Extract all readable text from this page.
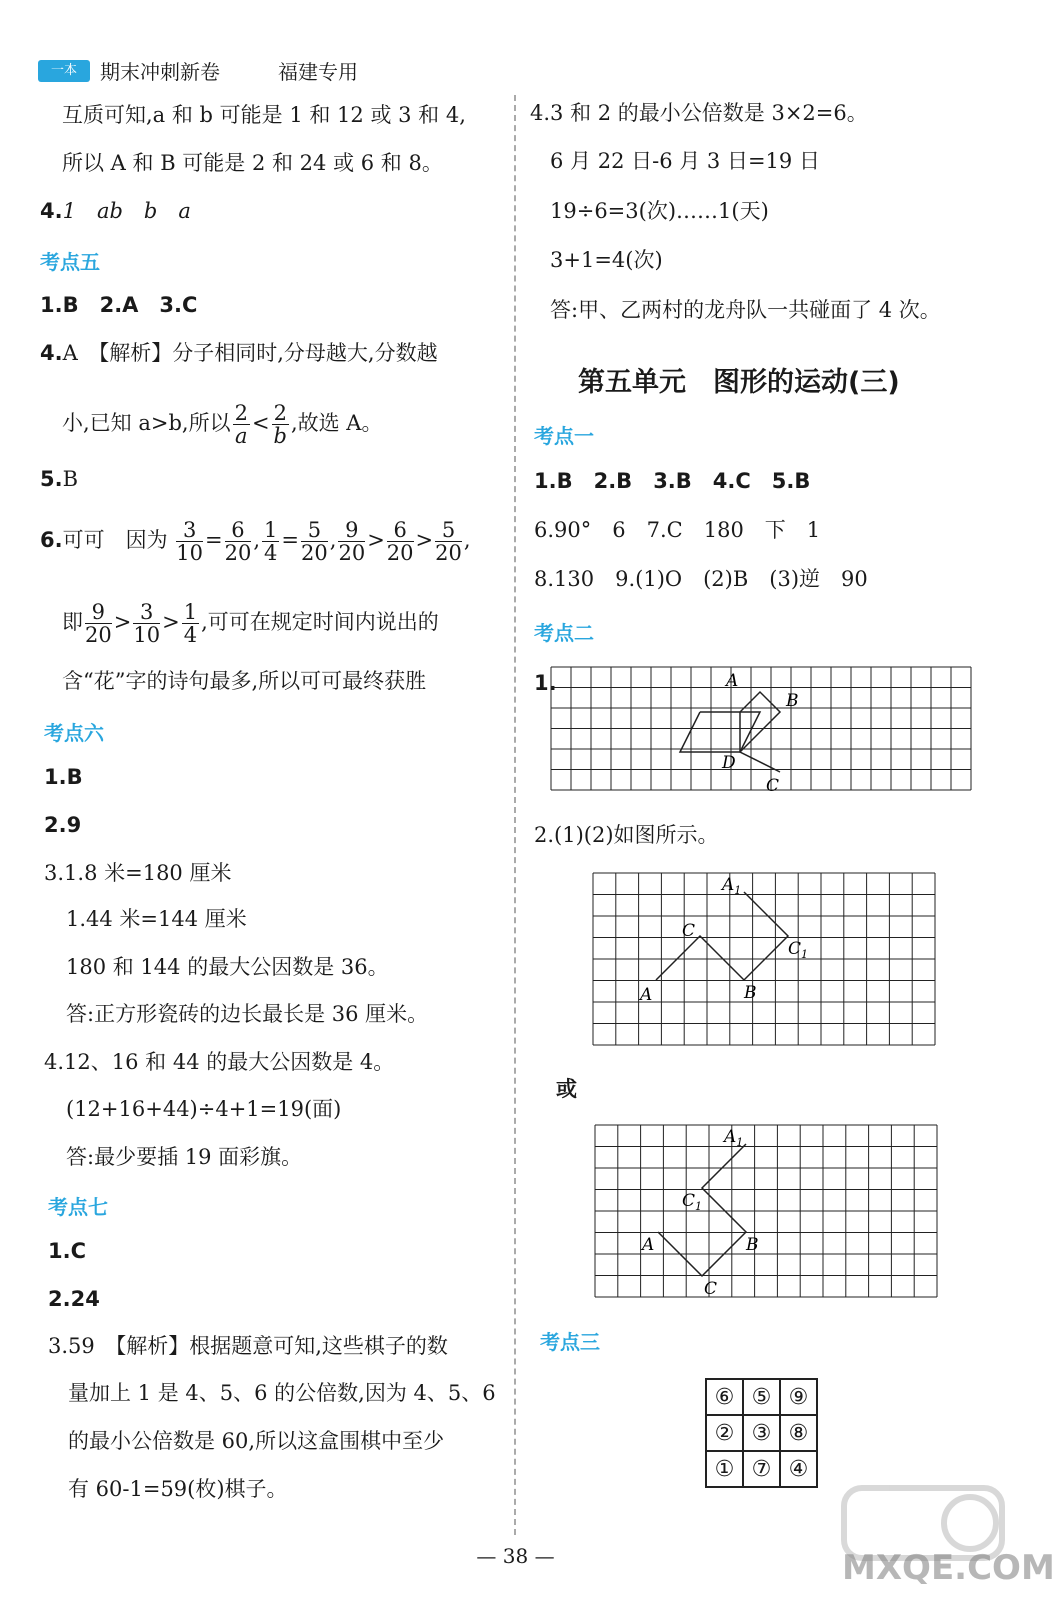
一本	期末冲刺新卷	福建专用
互质可知,a 和 b 可能是 1 和 12 或 3 和 4,
所以 A 和 B 可能是 2 和 24 或 6 和 8。
4.1　ab　b　a
考点五
1.B　2.A　3.C
4.A　【解析】分子相同时,分母越大,分数越
小,已知 a>b,所以 $\frac{2}{a} < \frac{2}{b}$ ,故选 A。
5.B
6.可可　因为 $\frac{3}{10} = \frac{6}{20}$ , $\frac{1}{4} = \frac{5}{20}$ , $\frac{9}{20} > \frac{6}{20} > \frac{5}{20}$ ,
即 $\frac{9}{20} > \frac{3}{10} > \frac{1}{4}$ ,可可在规定时间内说出的
含“花”字的诗句最多,所以可可最终获胜
考点六
1.B
2.9
3.1.8 米=180 厘米
1.44 米=144 厘米
180 和 144 的最大公因数是 36。
答:正方形瓷砖的边长最长是 36 厘米。
4.12、16 和 44 的最大公因数是 4。
(12+16+44)÷4+1=19(面)
答:最少要插 19 面彩旗。
考点七
1.C
2.24
3.59　【解析】根据题意可知,这些棋子的数
量加上 1 是 4、5、6 的公倍数,因为 4、5、6
的最小公倍数是 60,所以这盒围棋中至少
有 60-1=59(枚)棋子。
4.3 和 2 的最小公倍数是 3×2=6。
6 月 22 日-6 月 3 日=19 日
19÷6=3(次)……1(天)
3+1=4(次)
答:甲、乙两村的龙舟队一共碰面了 4 次。
第五单元　图形的运动(三)
考点一
1.B　2.B　3.B　4.C　5.B
6.90°　6　7.C　180　下　1
8.130　9.(1)O　(2)B　(3)逆　90
考点二
1.	A
B
D
C
2.(1)(2)如图所示。
$A_1$
C
$C_1$
A	B
或
$A_1$
$C_1$
A	B
C
考点三
⑥	⑤	⑨
②	③	⑧
①	⑦	④
MXQE.COM
— 38 —
